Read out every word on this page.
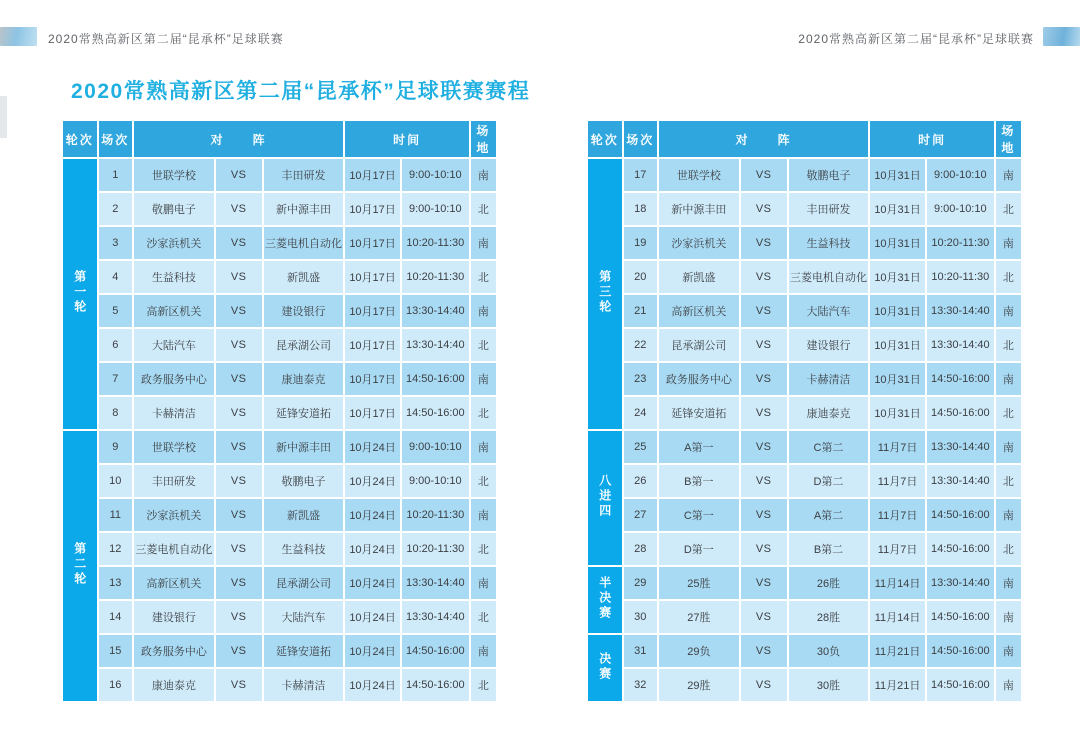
2020常熟高新区第二届“昆承杯”足球联赛	2020常熟高新区第二届“昆承杯”足球联赛
2020常熟高新区第二届“昆承杯”足球联赛赛程
轮次	场次	对　　阵			时间		场地
第一轮	1	世联学校	VS	丰田研发	10月17日	9:00-10:10	南
	2	敬鹏电子	VS	新中源丰田	10月17日	9:00-10:10	北
	3	沙家浜机关	VS	三菱电机自动化	10月17日	10:20-11:30	南
	4	生益科技	VS	新凯盛	10月17日	10:20-11:30	北
	5	高新区机关	VS	建设银行	10月17日	13:30-14:40	南
	6	大陆汽车	VS	昆承湖公司	10月17日	13:30-14:40	北
	7	政务服务中心	VS	康迪泰克	10月17日	14:50-16:00	南
	8	卡赫清洁	VS	延锋安道拓	10月17日	14:50-16:00	北
第二轮	9	世联学校	VS	新中源丰田	10月24日	9:00-10:10	南
	10	丰田研发	VS	敬鹏电子	10月24日	9:00-10:10	北
	11	沙家浜机关	VS	新凯盛	10月24日	10:20-11:30	南
	12	三菱电机自动化	VS	生益科技	10月24日	10:20-11:30	北
	13	高新区机关	VS	昆承湖公司	10月24日	13:30-14:40	南
	14	建设银行	VS	大陆汽车	10月24日	13:30-14:40	北
	15	政务服务中心	VS	延锋安道拓	10月24日	14:50-16:00	南
	16	康迪泰克	VS	卡赫清洁	10月24日	14:50-16:00	北
轮次	场次	对　　阵			时间		场地
第三轮	17	世联学校	VS	敬鹏电子	10月31日	9:00-10:10	南
	18	新中源丰田	VS	丰田研发	10月31日	9:00-10:10	北
	19	沙家浜机关	VS	生益科技	10月31日	10:20-11:30	南
	20	新凯盛	VS	三菱电机自动化	10月31日	10:20-11:30	北
	21	高新区机关	VS	大陆汽车	10月31日	13:30-14:40	南
	22	昆承湖公司	VS	建设银行	10月31日	13:30-14:40	北
	23	政务服务中心	VS	卡赫清洁	10月31日	14:50-16:00	南
	24	延锋安道拓	VS	康迪泰克	10月31日	14:50-16:00	北
八进四	25	A第一	VS	C第二	11月7日	13:30-14:40	南
	26	B第一	VS	D第二	11月7日	13:30-14:40	北
	27	C第一	VS	A第二	11月7日	14:50-16:00	南
	28	D第一	VS	B第二	11月7日	14:50-16:00	北
半决赛	29	25胜	VS	26胜	11月14日	13:30-14:40	南
	30	27胜	VS	28胜	11月14日	14:50-16:00	南
决赛	31	29负	VS	30负	11月21日	14:50-16:00	南
	32	29胜	VS	30胜	11月21日	14:50-16:00	南
